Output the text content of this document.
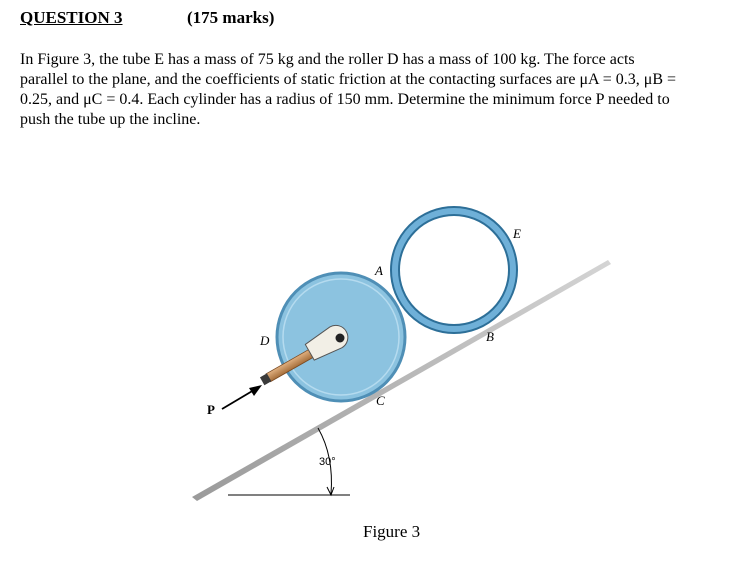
QUESTION 3	(175 marks)
In Figure 3, the tube E has a mass of 75 kg and the roller D has a mass of 100 kg. The force acts
parallel to the plane, and the coefficients of static friction at the contacting surfaces are μA = 0.3, μB =
0.25, and μC = 0.4. Each cylinder has a radius of 150 mm. Determine the minimum force P needed to
push the tube up the incline.
E
D
A
B
C
P
30°
Figure 3
